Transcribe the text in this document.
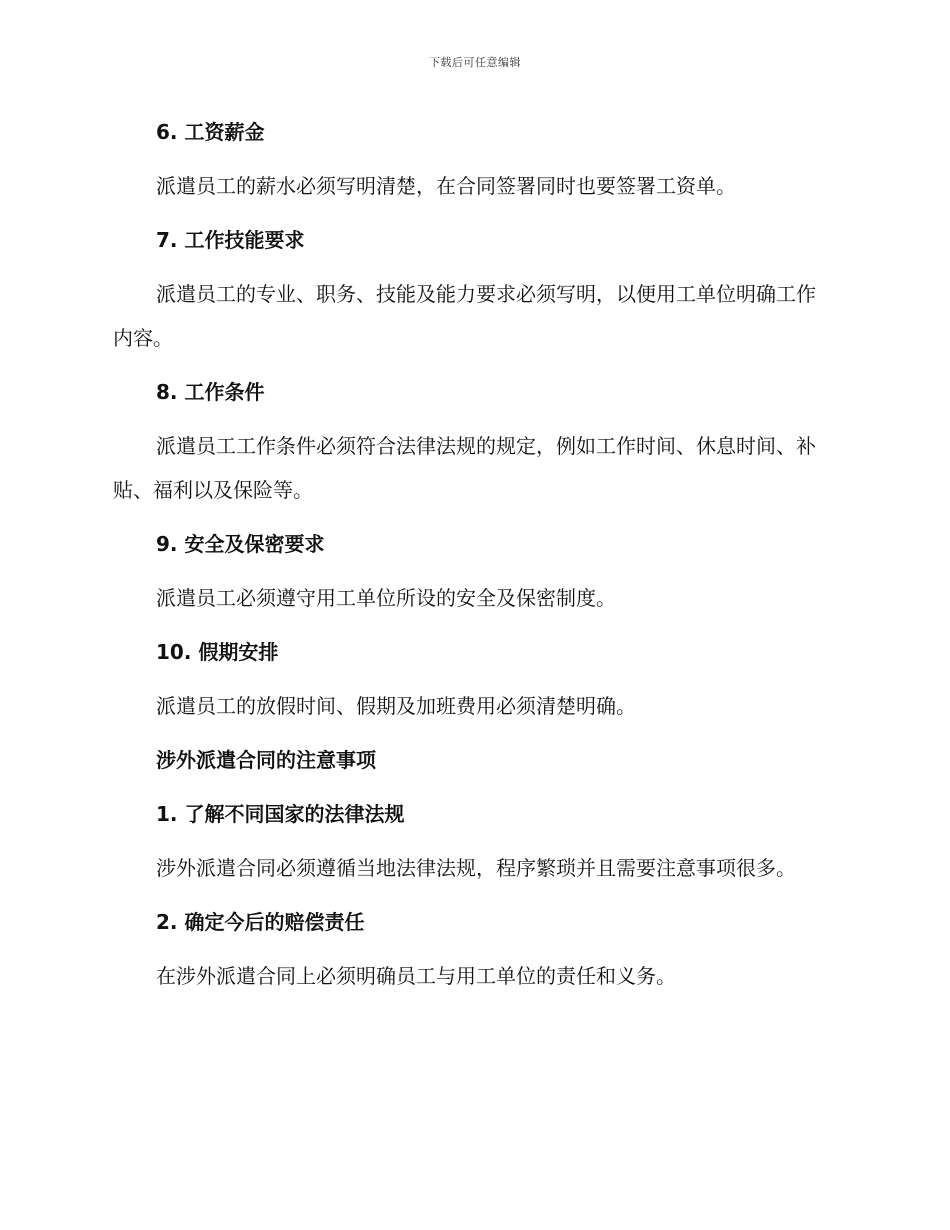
下载后可任意编辑

6. 工资薪金

派遣员工的薪水必须写明清楚，在合同签署同时也要签署工资单。

7. 工作技能要求

派遣员工的专业、职务、技能及能力要求必须写明，以便用工单位明确工作内容。

8. 工作条件

派遣员工工作条件必须符合法律法规的规定，例如工作时间、休息时间、补贴、福利以及保险等。

9. 安全及保密要求

派遣员工必须遵守用工单位所设的安全及保密制度。

10. 假期安排

派遣员工的放假时间、假期及加班费用必须清楚明确。

涉外派遣合同的注意事项

1. 了解不同国家的法律法规

涉外派遣合同必须遵循当地法律法规，程序繁琐并且需要注意事项很多。

2. 确定今后的赔偿责任

在涉外派遣合同上必须明确员工与用工单位的责任和义务。
